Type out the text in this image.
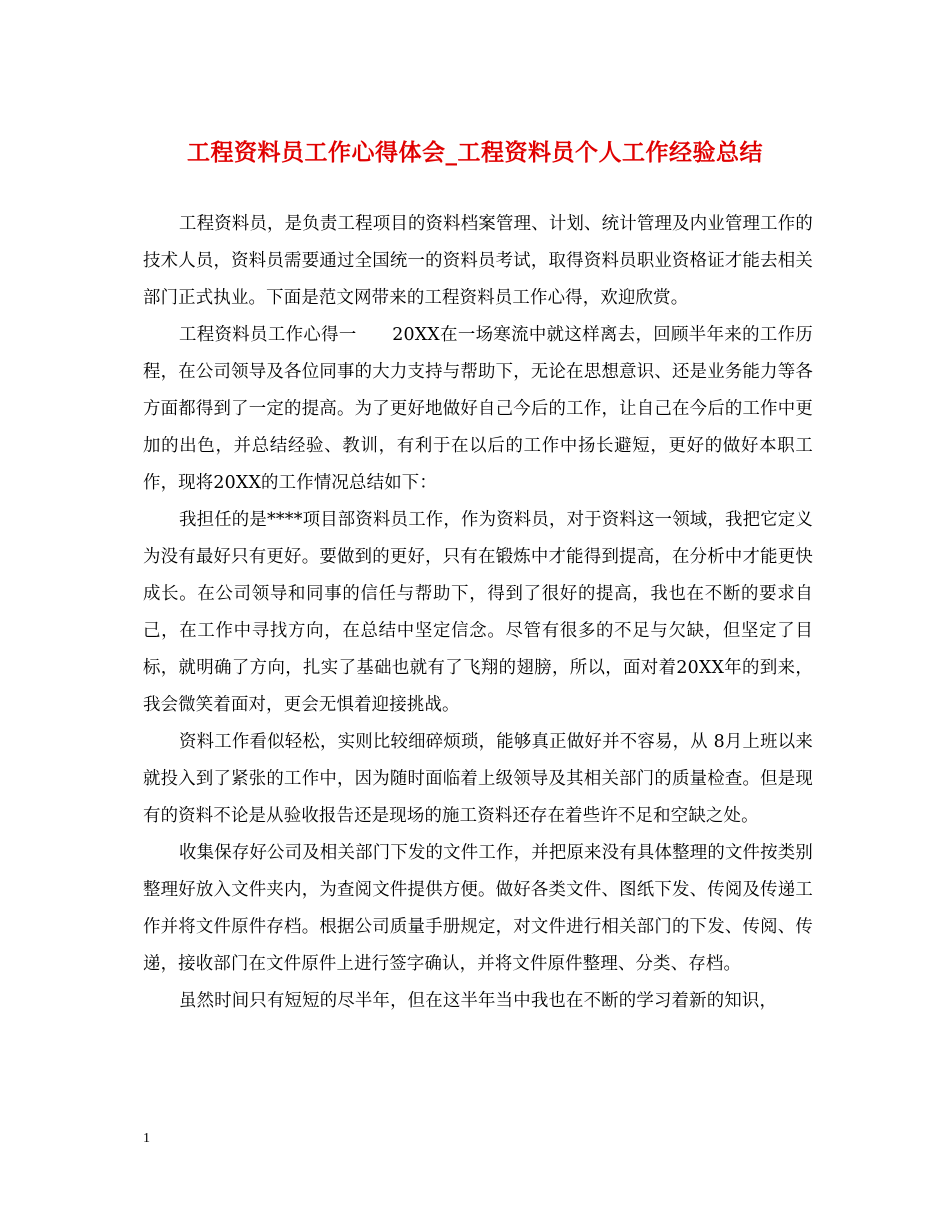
工程资料员工作心得体会_工程资料员个人工作经验总结

工程资料员，是负责工程项目的资料档案管理、计划、统计管理及内业管理工作的技术人员，资料员需要通过全国统一的资料员考试，取得资料员职业资格证才能去相关部门正式执业。下面是范文网带来的工程资料员工作心得，欢迎欣赏。

工程资料员工作心得一　　20XX在一场寒流中就这样离去，回顾半年来的工作历程，在公司领导及各位同事的大力支持与帮助下，无论在思想意识、还是业务能力等各方面都得到了一定的提高。为了更好地做好自己今后的工作，让自己在今后的工作中更加的出色，并总结经验、教训，有利于在以后的工作中扬长避短，更好的做好本职工作，现将20XX的工作情况总结如下：

我担任的是****项目部资料员工作，作为资料员，对于资料这一领域，我把它定义为没有最好只有更好。要做到的更好，只有在锻炼中才能得到提高，在分析中才能更快成长。在公司领导和同事的信任与帮助下，得到了很好的提高，我也在不断的要求自己，在工作中寻找方向，在总结中坚定信念。尽管有很多的不足与欠缺，但坚定了目标，就明确了方向，扎实了基础也就有了飞翔的翅膀，所以，面对着20XX年的到来，我会微笑着面对，更会无惧着迎接挑战。

资料工作看似轻松，实则比较细碎烦琐，能够真正做好并不容易，从 8月上班以来就投入到了紧张的工作中，因为随时面临着上级领导及其相关部门的质量检查。但是现有的资料不论是从验收报告还是现场的施工资料还存在着些许不足和空缺之处。

收集保存好公司及相关部门下发的文件工作，并把原来没有具体整理的文件按类别整理好放入文件夹内，为查阅文件提供方便。做好各类文件、图纸下发、传阅及传递工作并将文件原件存档。根据公司质量手册规定，对文件进行相关部门的下发、传阅、传递，接收部门在文件原件上进行签字确认，并将文件原件整理、分类、存档。

虽然时间只有短短的尽半年，但在这半年当中我也在不断的学习着新的知识，

1
